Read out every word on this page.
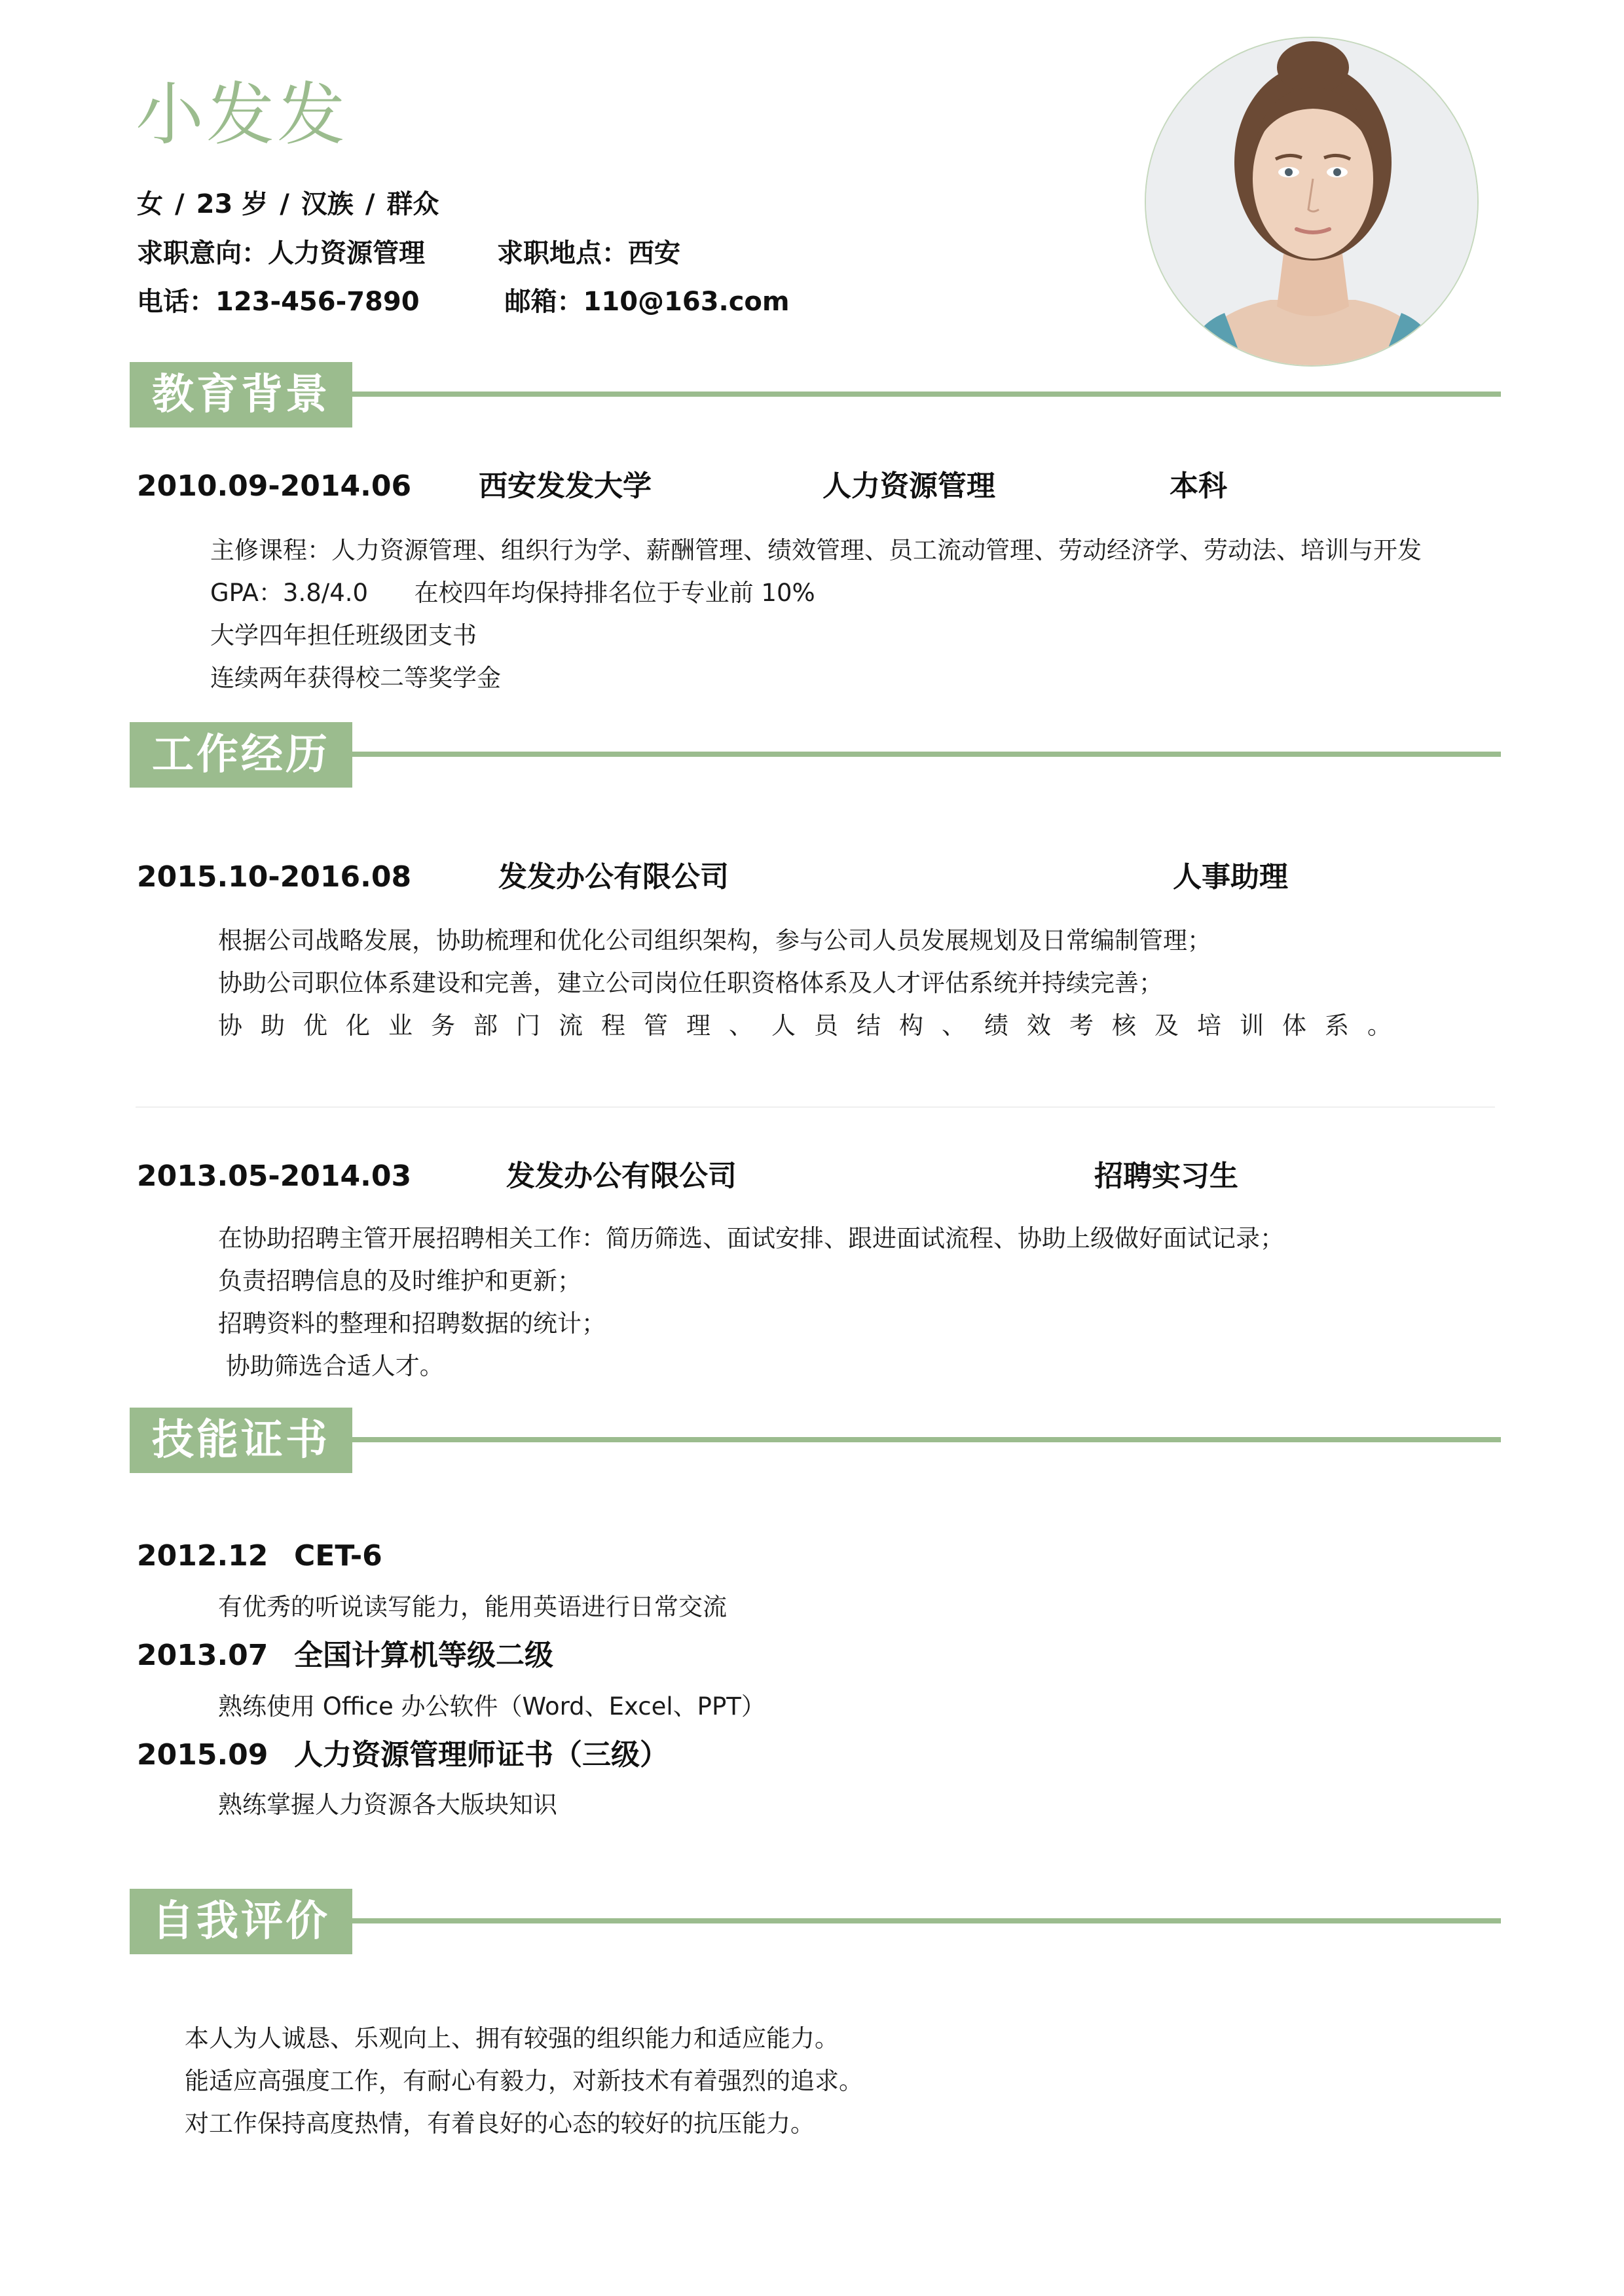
小发发
女 / 23 岁 / 汉族 / 群众
求职意向：人力资源管理	求职地点：西安
电话：123-456-7890	邮箱：110@163.com
教育背景
2010.09-2014.06 西安发发大学	人力资源管理	本科
主修课程：人力资源管理、组织行为学、薪酬管理、绩效管理、员工流动管理、劳动经济学、劳动法、培训与开发
GPA：3.8/4.0      在校四年均保持排名位于专业前 10%
大学四年担任班级团支书
连续两年获得校二等奖学金
工作经历
2015.10-2016.08	发发办公有限公司	人事助理
根据公司战略发展，协助梳理和优化公司组织架构，参与公司人员发展规划及日常编制管理；
协助公司职位体系建设和完善，建立公司岗位任职资格体系及人才评估系统并持续完善；
协助优化业务部门流程管理、人员结构、绩效考核及培训体系。
2013.05-2014.03	发发办公有限公司	招聘实习生
在协助招聘主管开展招聘相关工作：简历筛选、面试安排、跟进面试流程、协助上级做好面试记录；
负责招聘信息的及时维护和更新；
招聘资料的整理和招聘数据的统计；
协助筛选合适人才。
技能证书
2012.12 CET-6
有优秀的听说读写能力，能用英语进行日常交流
2013.07 全国计算机等级二级
熟练使用 Office 办公软件（Word、Excel、PPT）
2015.09 人力资源管理师证书（三级）
熟练掌握人力资源各大版块知识
自我评价
本人为人诚恳、乐观向上、拥有较强的组织能力和适应能力。
能适应高强度工作，有耐心有毅力，对新技术有着强烈的追求。
对工作保持高度热情，有着良好的心态的较好的抗压能力。
